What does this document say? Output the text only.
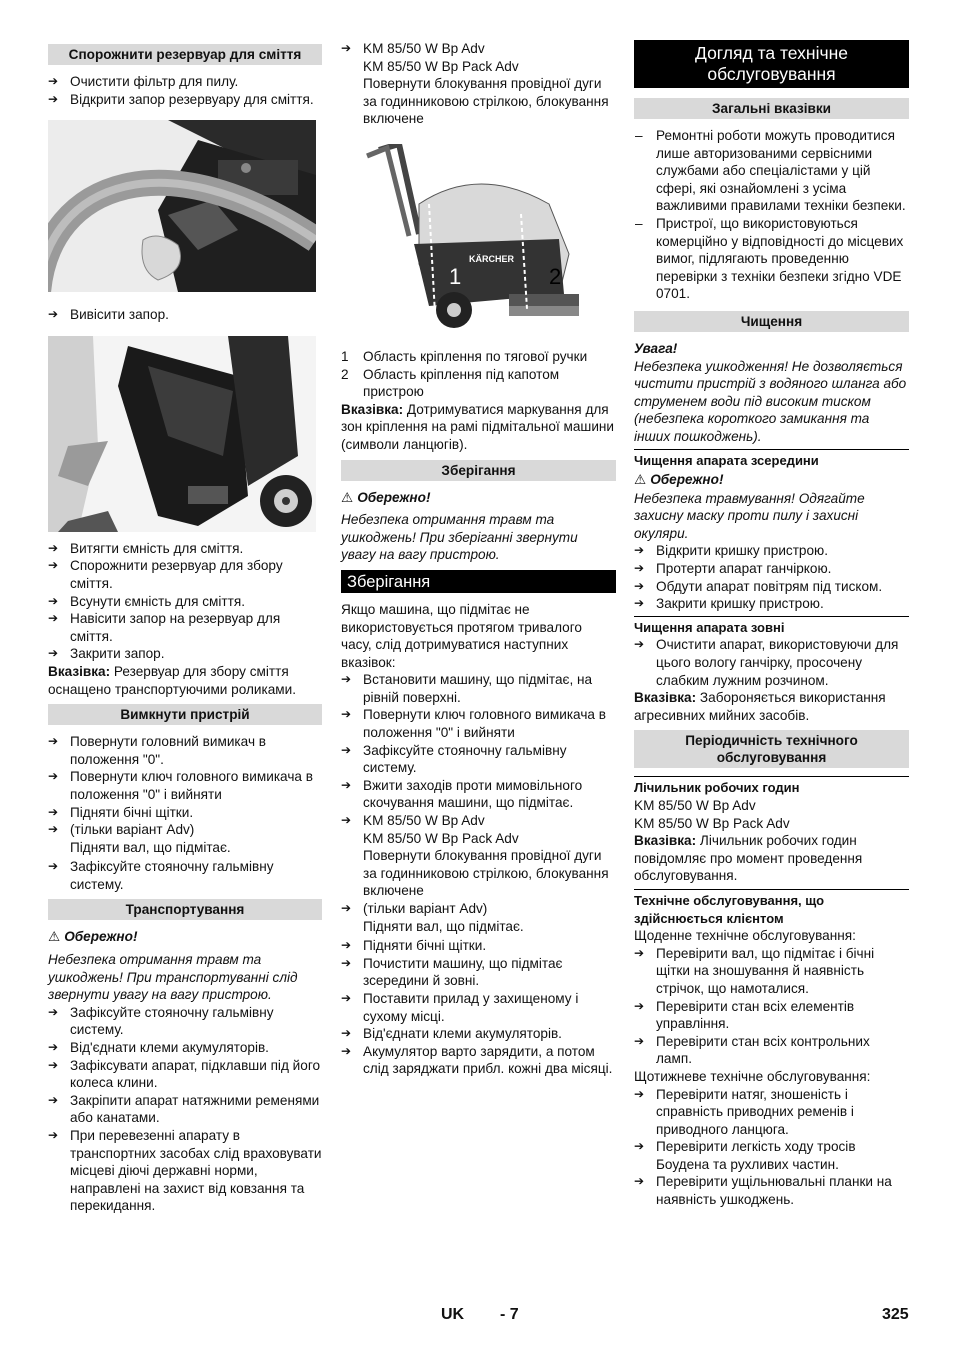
Спорожнити резервуар для сміття
➔ Очистити фільтр для пилу.
➔ Відкрити запор резервуару для сміття.
➔ Вивісити запор.
➔ Витягти ємність для сміття.
➔ Спорожнити резервуар для збору сміття.
➔ Всунути ємність для сміття.
➔ Навісити запор на резервуар для сміття.
➔ Закрити запор.

Вказівка: Резервуар для збору сміття оснащено транспортуючими роликами.

Вимкнути пристрій
➔ Повернути головний вимикач в положення "0".
➔ Повернути ключ головного вимикача в положення "0" і вийняти
➔ Підняти бічні щітки.
➔ (тільки варіант Adv)
Підняти вал, що підмітає.
➔ Зафіксуйте стояночну гальмівну систему.
Транспортування
⚠ Обережно!

Небезпека отримання травм та ушкоджень! При транспортуванні слід звернути увагу на вагу пристрою.

➔ Зафіксуйте стояночну гальмівну систему.
➔ Від'єднати клеми акумуляторів.
➔ Зафіксувати апарат, підклавши під його колеса клини.
➔ Закріпити апарат натяжними ременями або канатами.
➔ При перевезенні апарату в транспортних засобах слід враховувати місцеві діючі державні норми, направлені на захист від ковзання та перекидання.
➔ KM 85/50 W Bp Adv
KM 85/50 W Bp Pack Adv
Повернути блокування провідної дуги за годинниковою стрілкою, блокування включене
KÄRCHER
1	2
1 Область кріплення по тягової ручки
2 Область кріплення під капотом пристрою

Вказівка: Дотримуватися маркування для зон кріплення на рамі підмітальної машини (символи ланцюгів).

Зберігання
⚠ Обережно!

Небезпека отримання травм та ушкоджень! При зберіганні звернути увагу на вагу пристрою.

Зберігання

Якщо машина, що підмітає не використовується протягом тривалого часу, слід дотримуватися наступних вказівок:

➔ Встановити машину, що підмітає, на рівній поверхні.
➔ Повернути ключ головного вимикача в положення "0" і вийняти
➔ Зафіксуйте стояночну гальмівну систему.
➔ Вжити заходів проти мимовільного скочування машини, що підмітає.
➔ KM 85/50 W Bp Adv
KM 85/50 W Bp Pack Adv
Повернути блокування провідної дуги за годинниковою стрілкою, блокування включене
➔ (тільки варіант Adv)
Підняти вал, що підмітає.
➔ Підняти бічні щітки.
➔ Почистити машину, що підмітає зсередини й зовні.
➔ Поставити прилад у захищеному і сухому місці.
➔ Від'єднати клеми акумуляторів.
➔ Акумулятор варто зарядити, а потом слід заряджати прибл. кожні два місяці.
Догляд та технічне обслуговування
Загальні вказівки
– Ремонтні роботи можуть проводитися лише авторизованими сервісними службами або спеціалістами у цій сфері, які ознайомлені з усіма важливими правилами техніки безпеки.
– Пристрої, що використовуються комерційно у відповідності до місцевих вимог, підлягають проведенню перевірки з техніки безпеки згідно VDE 0701.
Чищення
Увага!

Небезпека ушкодження! Не дозволяється чистити пристрій з водяного шланга або струменем води під високим тиском (небезпека короткого замикання та інших пошкоджень).

Чищення апарата зсередини
⚠ Обережно!

Небезпека травмування! Одягайте захисну маску проти пилу і захисні окуляри.

➔ Відкрити кришку пристрою.
➔ Протерти апарат ганчіркою.
➔ Обдути апарат повітрям під тиском.
➔ Закрити кришку пристрою.
Чищення апарата зовні
➔ Очистити апарат, використовуючи для цього вологу ганчірку, просочену слабким лужним розчином.

Вказівка: Забороняється використання агресивних мийних засобів.

Періодичність технічного обслуговування
Лічильник робочих годин
KM 85/50 W Bp Adv
KM 85/50 W Bp Pack Adv

Вказівка: Лічильник робочих годин повідомляє про момент проведення обслуговування.

Технічне обслуговування, що здійснюється клієнтом

Щоденне технічне обслуговування:

➔ Перевірити вал, що підмітає і бічні щітки на зношування й наявність стрічок, що намоталися.
➔ Перевірити стан всіх елементів управління.
➔ Перевірити стан всіх контрольних ламп.

Щотижневе технічне обслуговування:

➔ Перевірити натяг, зношеність і справність приводних ременів і приводного ланцюга.
➔ Перевірити легкість ходу тросів Боудена та рухливих частин.
➔ Перевірити ущільнювальні планки на наявність ушкоджень.
UK - 7	325
